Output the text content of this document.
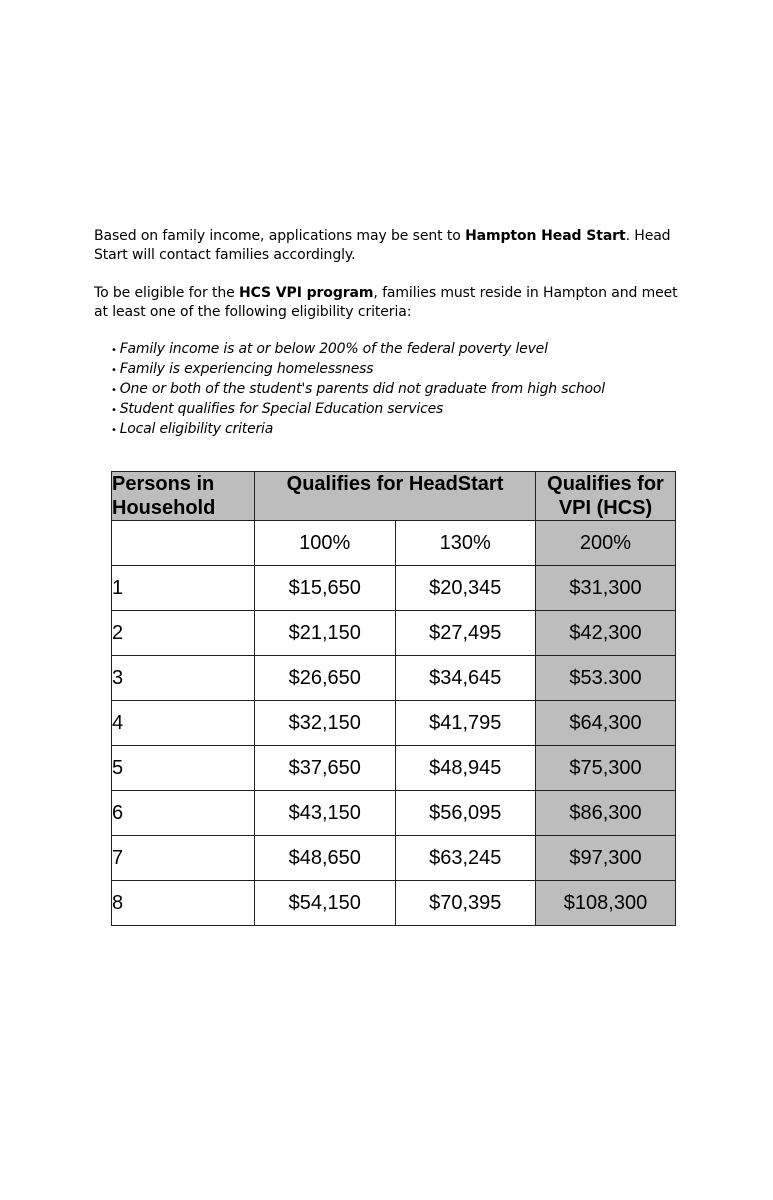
Based on family income, applications may be sent to Hampton Head Start. Head Start will contact families accordingly.
To be eligible for the HCS VPI program, families must reside in Hampton and meet at least one of the following eligibility criteria:
• Family income is at or below 200% of the federal poverty level
• Family is experiencing homelessness
• One or both of the student's parents did not graduate from high school
• Student qualifies for Special Education services
• Local eligibility criteria
Persons in Household	Qualifies for HeadStart		Qualifies for VPI (HCS)
	100%	130%	200%
1	$15,650	$20,345	$31,300
2	$21,150	$27,495	$42,300
3	$26,650	$34,645	$53.300
4	$32,150	$41,795	$64,300
5	$37,650	$48,945	$75,300
6	$43,150	$56,095	$86,300
7	$48,650	$63,245	$97,300
8	$54,150	$70,395	$108,300
